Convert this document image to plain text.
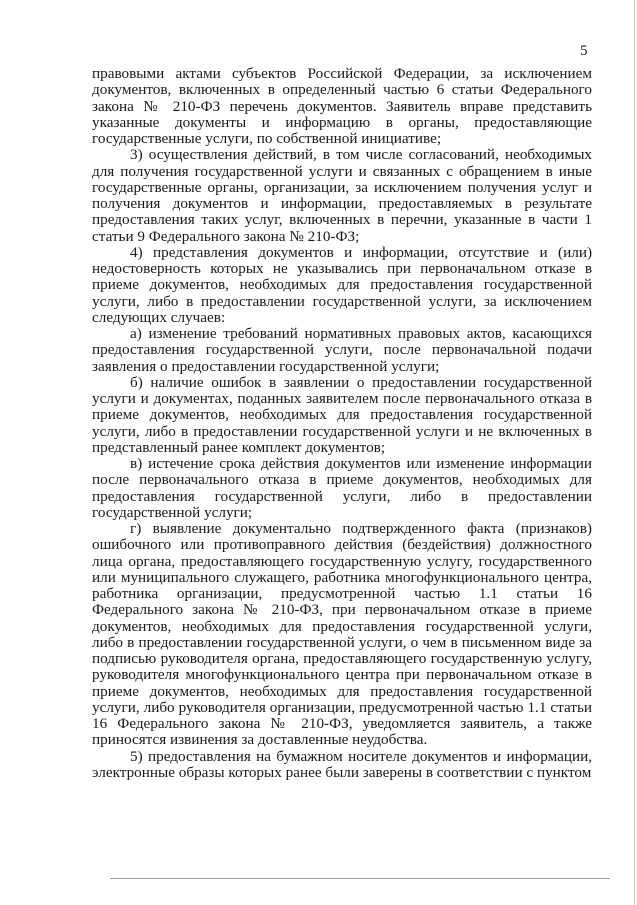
5

правовыми актами субъектов Российской Федерации, за исключением документов, включенных в определенный частью 6 статьи Федерального закона № 210-ФЗ перечень документов. Заявитель вправе представить указанные документы и информацию в органы, предоставляющие государственные услуги, по собственной инициативе;

3) осуществления действий, в том числе согласований, необходимых для получения государственной услуги и связанных с обращением в иные государственные органы, организации, за исключением получения услуг и получения документов и информации, предоставляемых в результате предоставления таких услуг, включенных в перечни, указанные в части 1 статьи 9 Федерального закона № 210-ФЗ;

4) представления документов и информации, отсутствие и (или) недостоверность которых не указывались при первоначальном отказе в приеме документов, необходимых для предоставления государственной услуги, либо в предоставлении государственной услуги, за исключением следующих случаев:

а) изменение требований нормативных правовых актов, касающихся предоставления государственной услуги, после первоначальной подачи заявления о предоставлении государственной услуги;

б) наличие ошибок в заявлении о предоставлении государственной услуги и документах, поданных заявителем после первоначального отказа в приеме документов, необходимых для предоставления государственной услуги, либо в предоставлении государственной услуги и не включенных в представленный ранее комплект документов;

в) истечение срока действия документов или изменение информации после первоначального отказа в приеме документов, необходимых для предоставления государственной услуги, либо в предоставлении государственной услуги;

г) выявление документально подтвержденного факта (признаков) ошибочного или противоправного действия (бездействия) должностного лица органа, предоставляющего государственную услугу, государственного или муниципального служащего, работника многофункционального центра, работника организации, предусмотренной частью 1.1 статьи 16 Федерального закона № 210-ФЗ, при первоначальном отказе в приеме документов, необходимых для предоставления государственной услуги, либо в предоставлении государственной услуги, о чем в письменном виде за подписью руководителя органа, предоставляющего государственную услугу, руководителя многофункционального центра при первоначальном отказе в приеме документов, необходимых для предоставления государственной услуги, либо руководителя организации, предусмотренной частью 1.1 статьи 16 Федерального закона № 210-ФЗ, уведомляется заявитель, а также приносятся извинения за доставленные неудобства.

5) предоставления на бумажном носителе документов и информации, электронные образы которых ранее были заверены в соответствии с пунктом
